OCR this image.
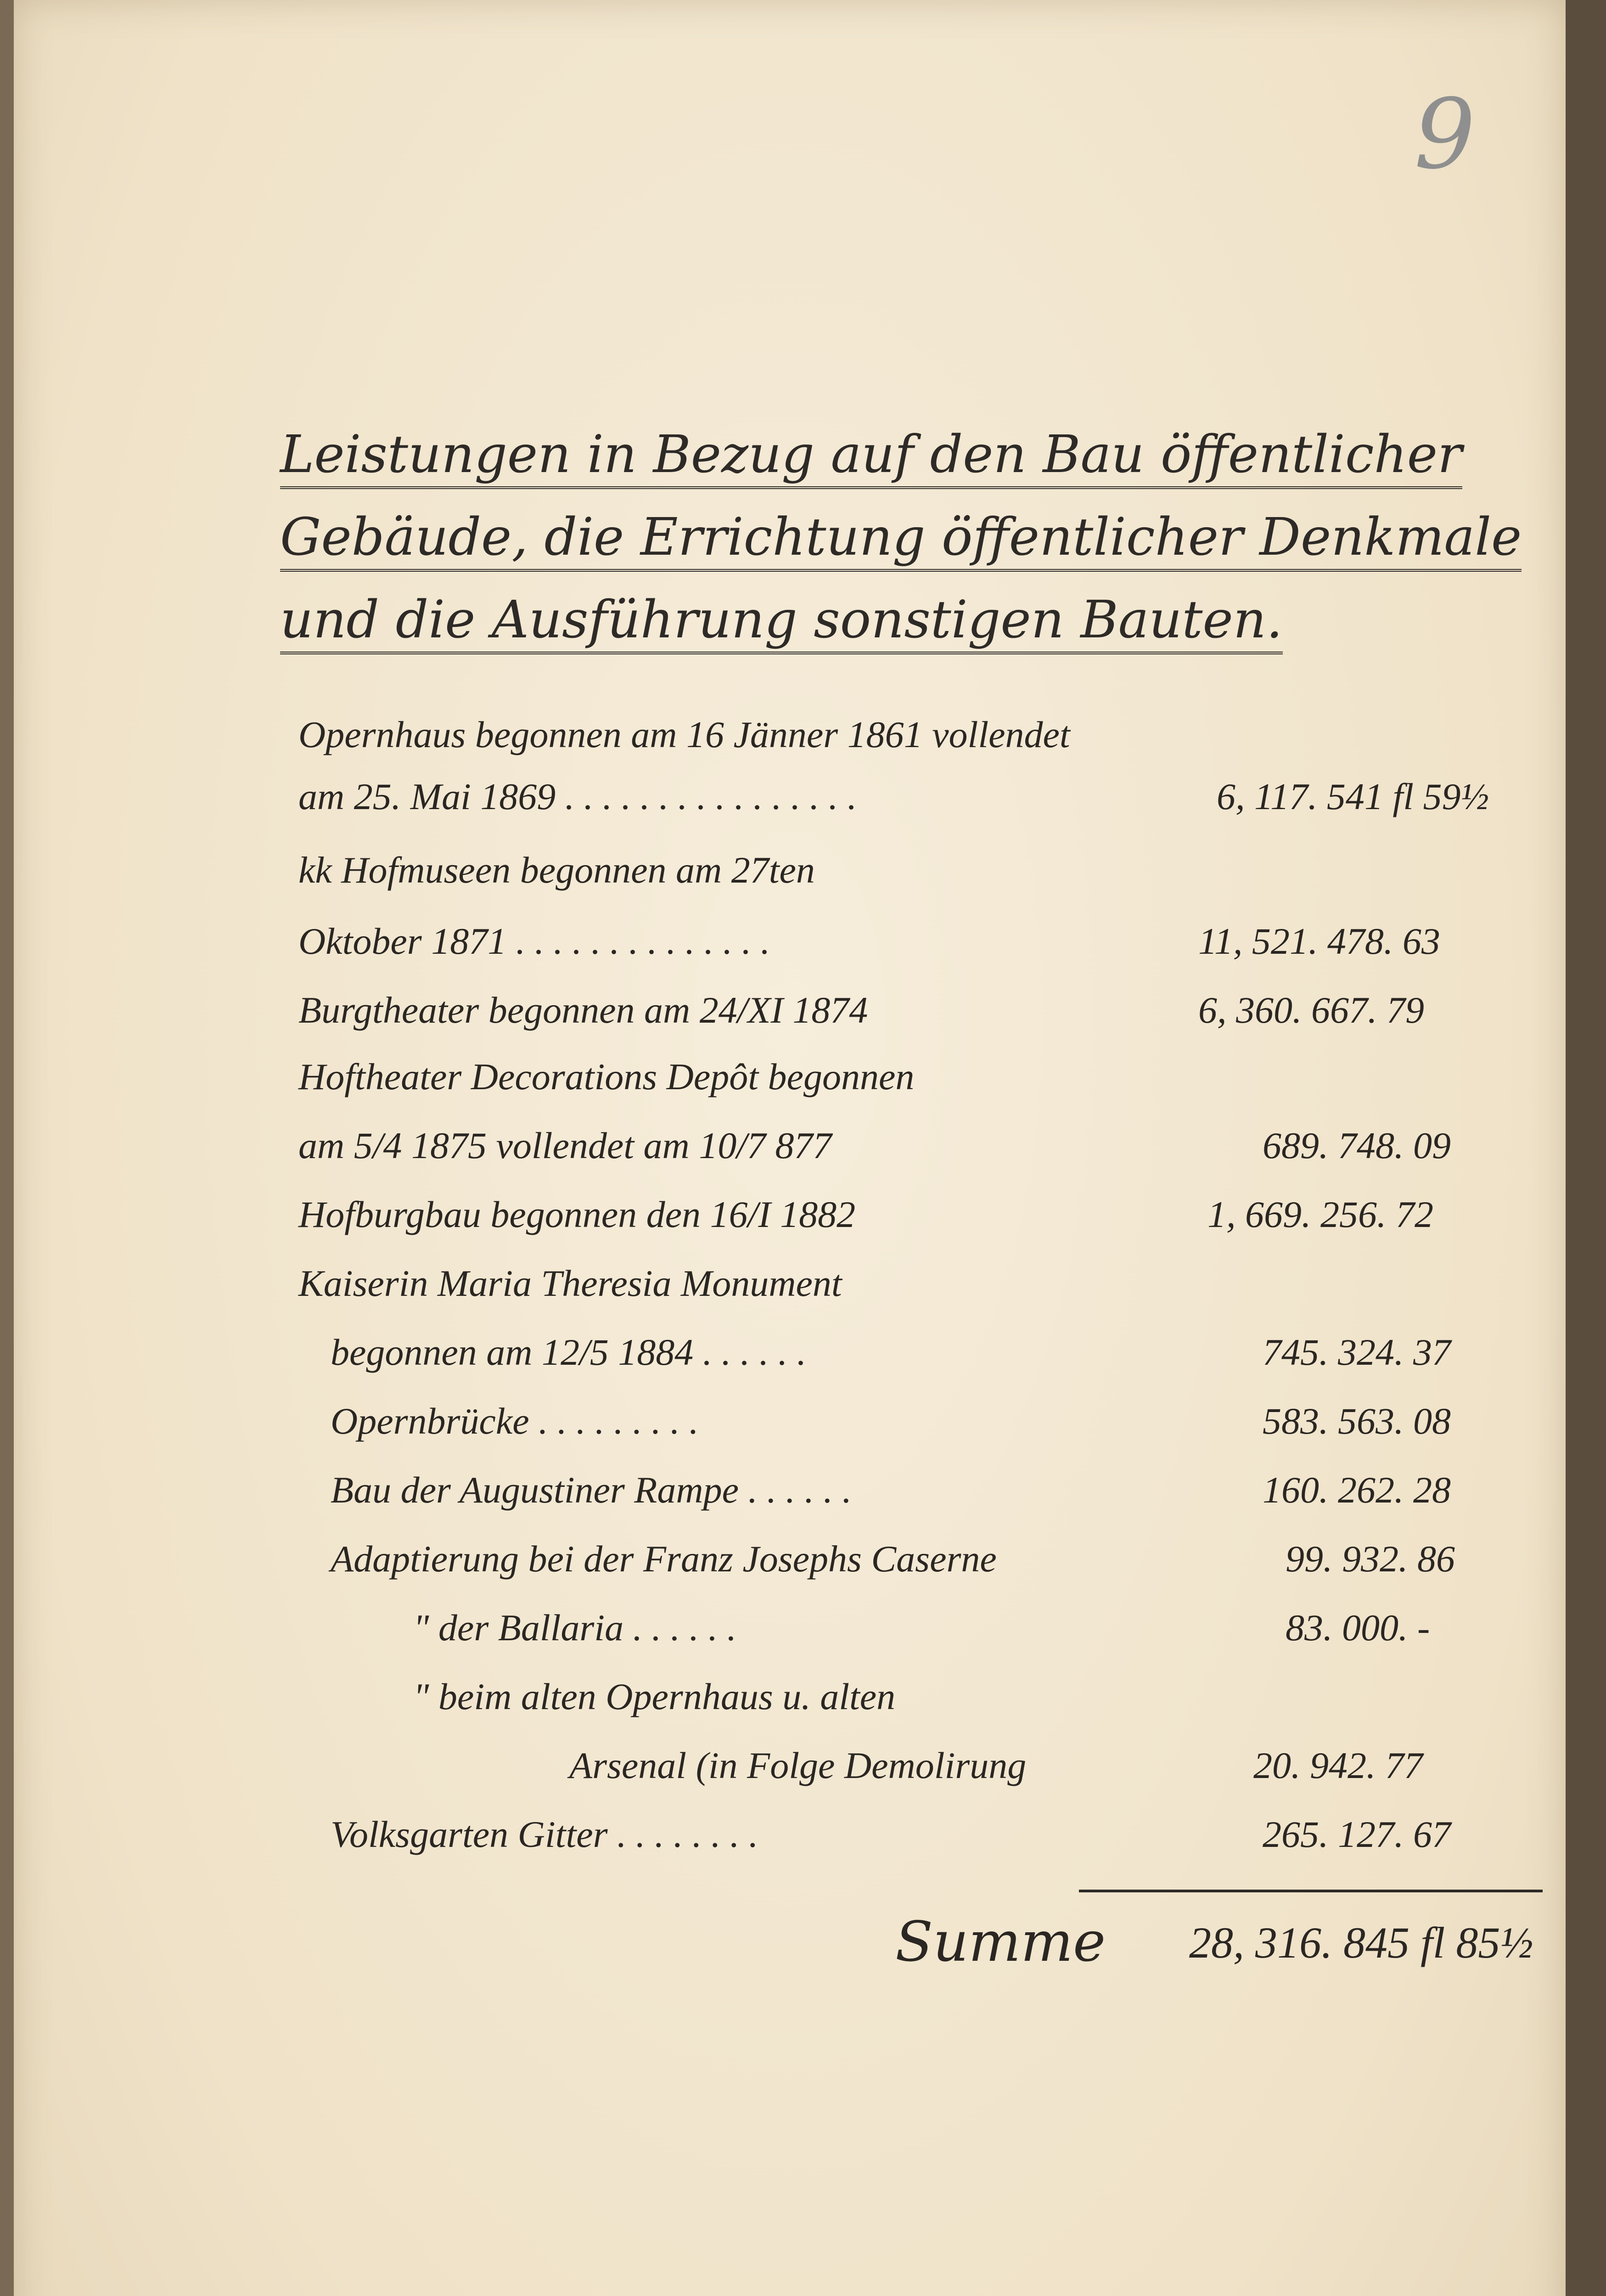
9
Leistungen in Bezug auf den Bau öffentlicher
Gebäude, die Errichtung öffentlicher Denkmale
und die Ausführung sonstigen Bauten.
Opernhaus begonnen am 16 Jänner 1861 vollendet
am 25. Mai 1869 . . . . . . . . . . . . . . . .	6, 117. 541 fl 59½
kk Hofmuseen begonnen am 27ten
Oktober 1871 . . . . . . . . . . . . . .	11, 521. 478. 63
Burgtheater begonnen am 24/XI 1874	6, 360. 667. 79
Hoftheater Decorations Depôt begonnen
am 5/4 1875 vollendet am 10/7 877	689. 748. 09
Hofburgbau begonnen den 16/I 1882	1, 669. 256. 72
Kaiserin Maria Theresia Monument
begonnen am 12/5 1884 . . . . . .	745. 324. 37
Opernbrücke . . . . . . . . .	583. 563. 08
Bau der Augustiner Rampe . . . . . .	160. 262. 28
Adaptierung bei der Franz Josephs Caserne	99. 932. 86
" der Ballaria . . . . . .	83. 000. -
" beim alten Opernhaus u. alten
Arsenal (in Folge Demolirung	20. 942. 77
Volksgarten Gitter . . . . . . . .	265. 127. 67
Summe 28, 316. 845 fl 85½
